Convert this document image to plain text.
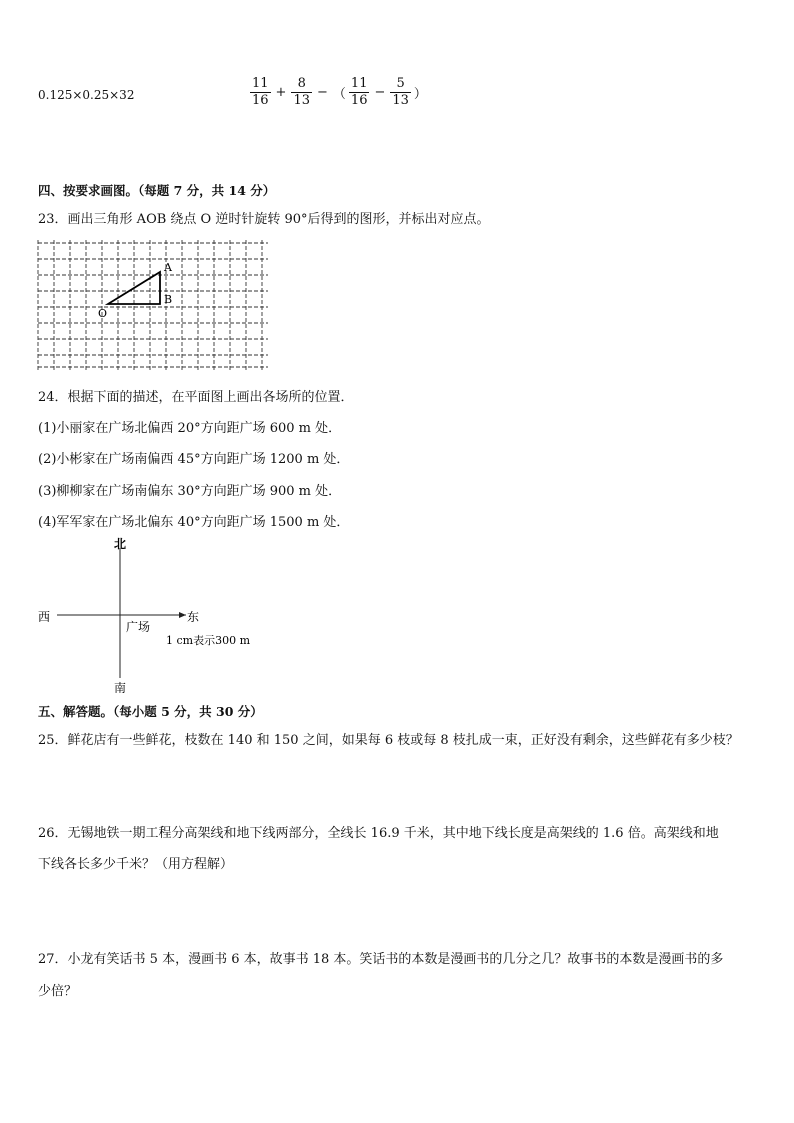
0.125×0.25×32	$\frac{11}{16} + \frac{8}{13}$ − （ $\frac{11}{16} - \frac{5}{13}$ ）
四、按要求画图。（每题 7 分，共 14 分）
23．画出三角形 AOB 绕点 O 逆时针旋转 90°后得到的图形，并标出对应点。
A
B
O
24．根据下面的描述，在平面图上画出各场所的位置．
(1)小丽家在广场北偏西 20°方向距广场 600 m 处．
(2)小彬家在广场南偏西 45°方向距广场 1200 m 处．
(3)柳柳家在广场南偏东 30°方向距广场 900 m 处．
(4)军军家在广场北偏东 40°方向距广场 1500 m 处．
北
南
西	东
广场
1 cm表示300 m
五、解答题。（每小题 5 分，共 30 分）
25．鲜花店有一些鲜花，枝数在 140 和 150 之间，如果每 6 枝或每 8 枝扎成一束，正好没有剩余，这些鲜花有多少枝？
26．无锡地铁一期工程分高架线和地下线两部分，全线长 16.9 千米，其中地下线长度是高架线的 1.6 倍。高架线和地
下线各长多少千米？（用方程解）
27．小龙有笑话书 5 本，漫画书 6 本，故事书 18 本。笑话书的本数是漫画书的几分之几？故事书的本数是漫画书的多
少倍？
